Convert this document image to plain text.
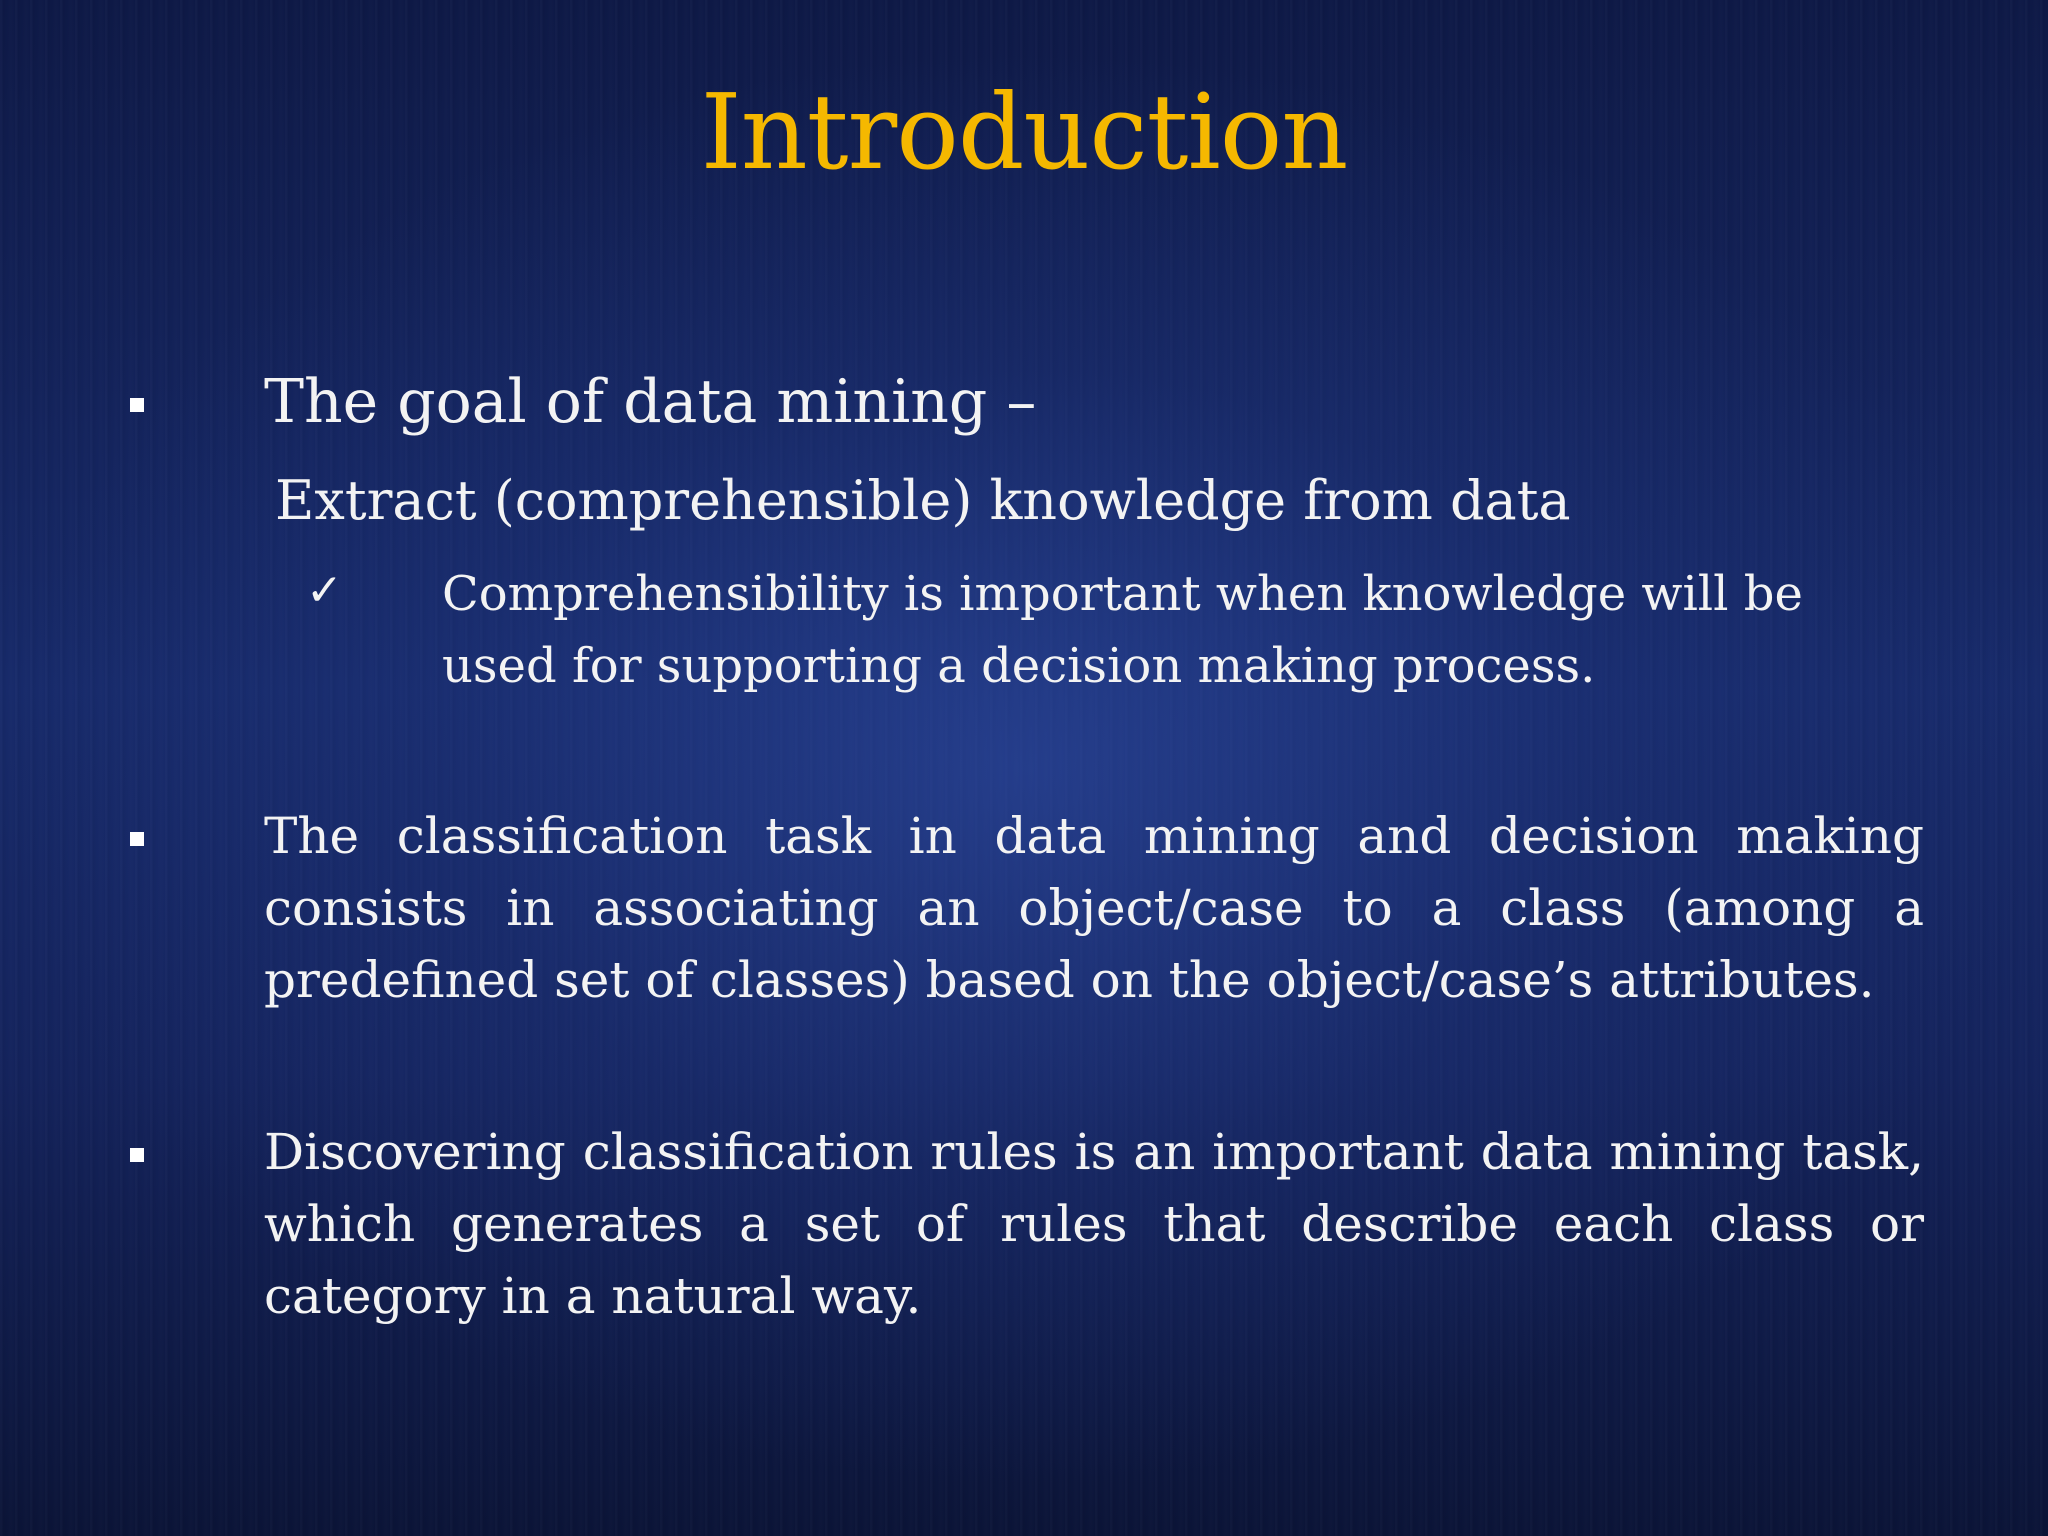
Introduction
The goal of data mining –
Extract (comprehensible) knowledge from data
✓ Comprehensibility is important when knowledge will be used for supporting a decision making process.
The classification task in data mining and decision making consists in associating an object/case to a class (among a predefined set of classes) based on the object/case’s attributes.
Discovering classification rules is an important data mining task, which generates a set of rules that describe each class or category in a natural way.
